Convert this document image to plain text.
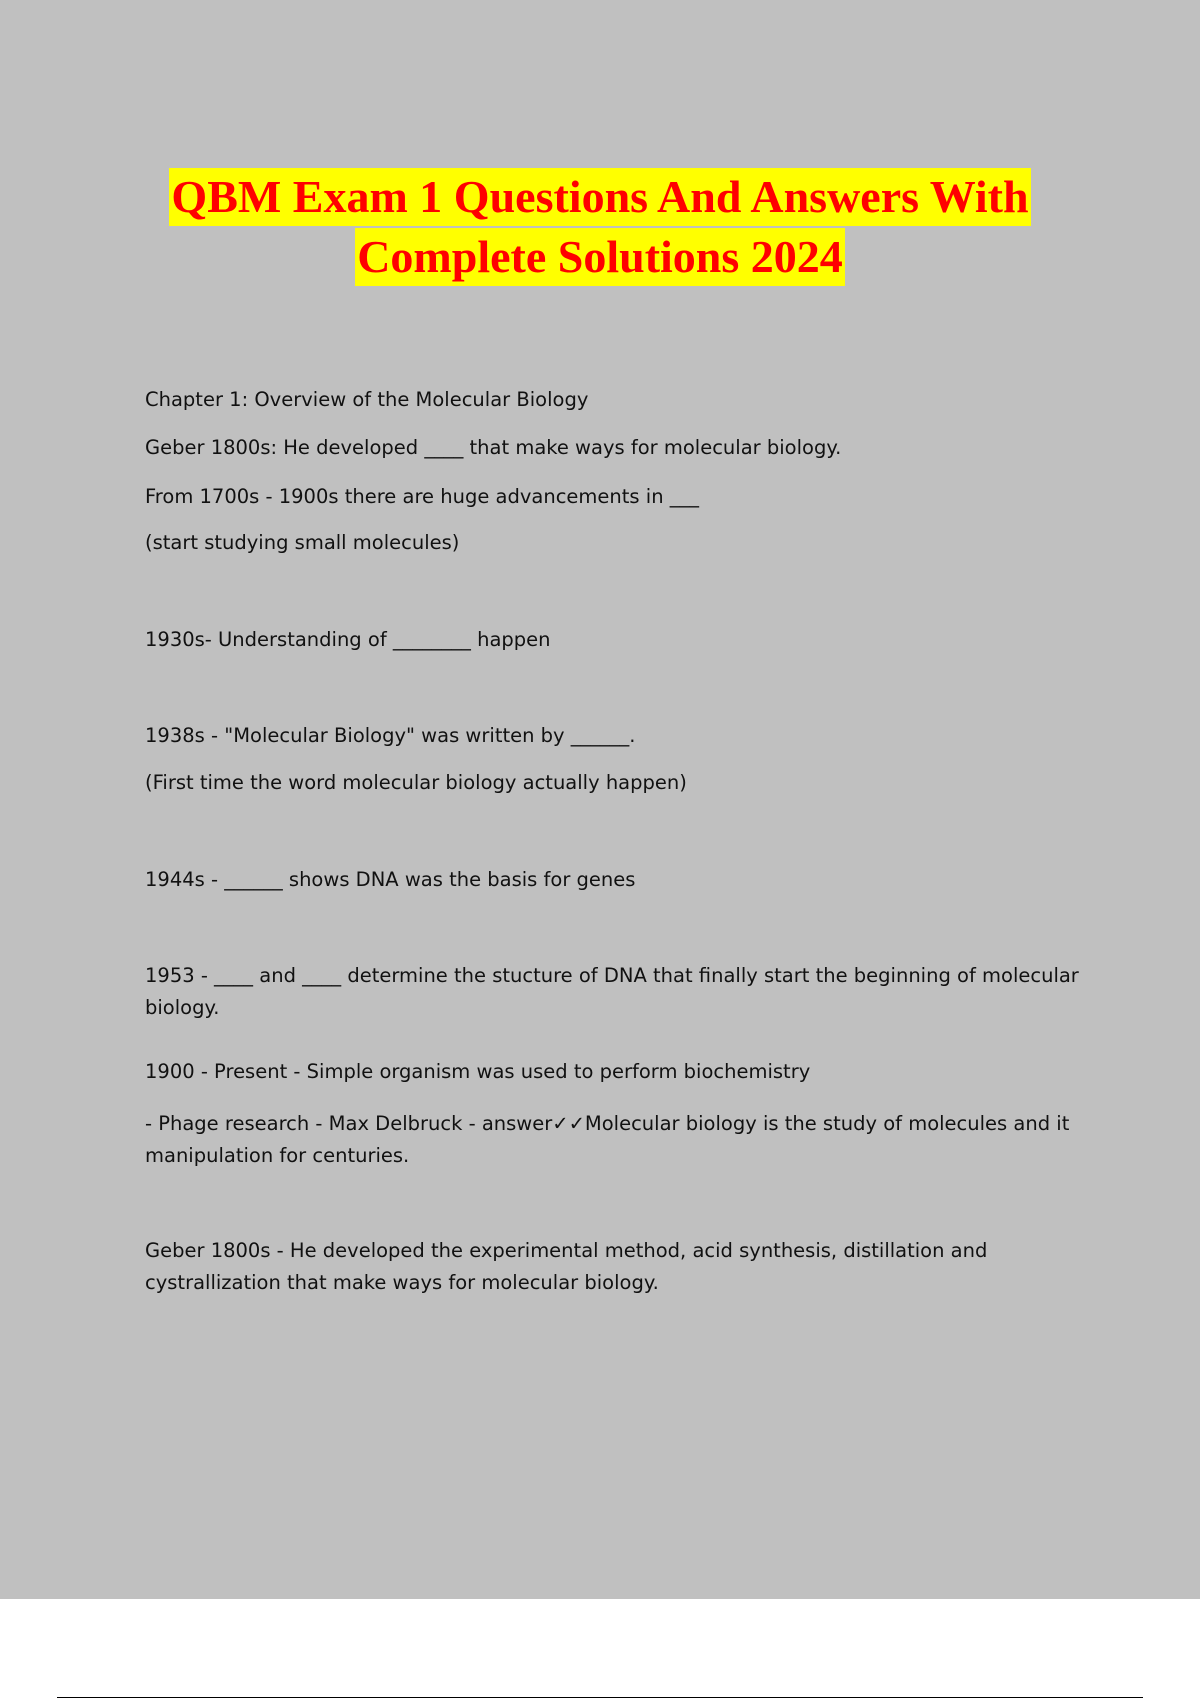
QBM Exam 1 Questions And Answers With
Complete Solutions 2024
Chapter 1: Overview of the Molecular Biology
Geber 1800s: He developed ____ that make ways for molecular biology.
From 1700s - 1900s there are huge advancements in ___
(start studying small molecules)
1930s- Understanding of ________ happen
1938s - "Molecular Biology" was written by ______.
(First time the word molecular biology actually happen)
1944s - ______ shows DNA was the basis for genes
1953 - ____ and ____ determine the stucture of DNA that finally start the beginning of molecular biology.
1900 - Present - Simple organism was used to perform biochemistry
- Phage research - Max Delbruck - answer✓✓Molecular biology is the study of molecules and it manipulation for centuries.
Geber 1800s - He developed the experimental method, acid synthesis, distillation and cystrallization that make ways for molecular biology.
